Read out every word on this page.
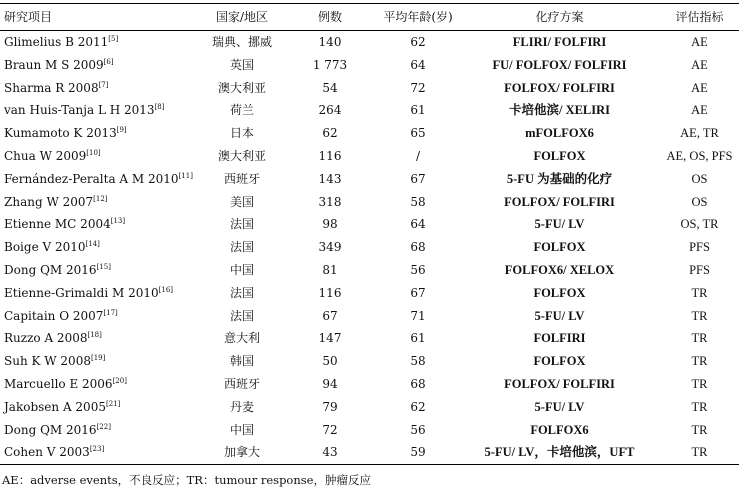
研究项目	国家/地区	例数	平均年龄(岁)	化疗方案	评估指标
Glimelius B 2011[5]	瑞典、挪威	140	62	FLIRI/ FOLFIRI	AE
Braun M S 2009[6]	英国	1 773	64	FU/ FOLFOX/ FOLFIRI	AE
Sharma R 2008[7]	澳大利亚	54	72	FOLFOX/ FOLFIRI	AE
van Huis-Tanja L H 2013[8]	荷兰	264	61	卡培他滨/ XELIRI	AE
Kumamoto K 2013[9]	日本	62	65	mFOLFOX6	AE, TR
Chua W 2009[10]	澳大利亚	116	/	FOLFOX	AE, OS, PFS
Fernández-Peralta A M 2010[11]	西班牙	143	67	5-FU 为基础的化疗	OS
Zhang W 2007[12]	美国	318	58	FOLFOX/ FOLFIRI	OS
Etienne MC 2004[13]	法国	98	64	5-FU/ LV	OS, TR
Boige V 2010[14]	法国	349	68	FOLFOX	PFS
Dong QM 2016[15]	中国	81	56	FOLFOX6/ XELOX	PFS
Etienne-Grimaldi M 2010[16]	法国	116	67	FOLFOX	TR
Capitain O 2007[17]	法国	67	71	5-FU/ LV	TR
Ruzzo A 2008[18]	意大利	147	61	FOLFIRI	TR
Suh K W 2008[19]	韩国	50	58	FOLFOX	TR
Marcuello E 2006[20]	西班牙	94	68	FOLFOX/ FOLFIRI	TR
Jakobsen A 2005[21]	丹麦	79	62	5-FU/ LV	TR
Dong QM 2016[22]	中国	72	56	FOLFOX6	TR
Cohen V 2003[23]	加拿大	43	59	5-FU/ LV，卡培他滨，UFT	TR
AE：adverse events，不良反应；TR：tumour response，肿瘤反应
